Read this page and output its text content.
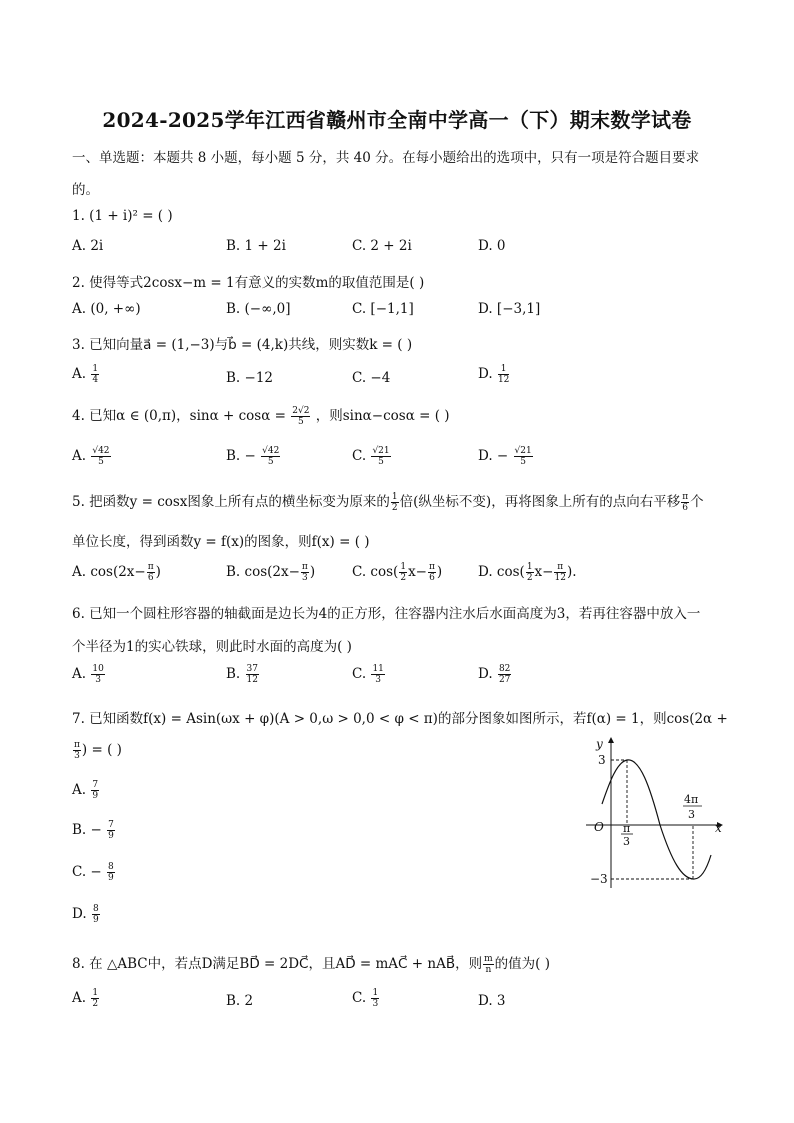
2024-2025学年江西省赣州市全南中学高一（下）期末数学试卷
一、单选题：本题共 8 小题，每小题 5 分，共 40 分。在每小题给出的选项中，只有一项是符合题目要求
的。
1. (1 + i)² = ( )
A. 2i	B. 1 + 2i	C. 2 + 2i	D. 0
2. 使得等式2cosx−m = 1有意义的实数m的取值范围是( )
A. (0, +∞)	B. (−∞,0]	C. [−1,1]	D. [−3,1]
3. 已知向量a⃗ = (1,−3)与b⃗ = (4,k)共线，则实数k = ( )
A. $\frac{1}{4}$	B. −12	C. −4	D. $\frac{1}{12}$
4. 已知α ∈ (0,π)，$\sin\alpha + \cos\alpha = \frac{2√2}{5}$ ，则sinα−cosα = ( )
A. $\frac{√42}{5}$	B. − $\frac{√42}{5}$	C. $\frac{√21}{5}$	D. − $\frac{√21}{5}$
5. 把函数y = cosx图象上所有点的横坐标变为原来的 $\frac{1}{2}$ 倍(纵坐标不变)，再将图象上所有的点向右平移 $\frac{\pi}{6}$ 个
单位长度，得到函数y = f(x)的图象，则f(x) = ( )
A. $\cos(2x- \frac{\pi}{6}$ )	B. $\cos(2x- \frac{\pi}{3}$ )	C. $\cos( \frac{1}{2} x- \frac{\pi}{6}$ )	D. $\cos( \frac{1}{2} x- \frac{\pi}{12}$ ).
6. 已知一个圆柱形容器的轴截面是边长为4的正方形，往容器内注水后水面高度为3，若再往容器中放入一
个半径为1的实心铁球，则此时水面的高度为( )
A. $\frac{10}{3}$	B. $\frac{37}{12}$	C. $\frac{11}{3}$	D. $\frac{82}{27}$
7. 已知函数f(x) = Asin(ωx + φ)(A > 0,ω > 0,0 < φ < π)的部分图象如图所示，若f(α) = 1，则cos(2α +
$\frac{\pi}{3}$ ) = ( )
A. $\frac{7}{9}$
B. − $\frac{7}{9}$
C. − $\frac{8}{9}$
D. $\frac{8}{9}$
y
x
O
3
−3
π
3
4π
3
8. 在 △ABC中，若点D满足BD⃗ = 2DC⃗，且AD⃗ = mAC⃗ + nAB⃗，则 $\frac{m}{n}$ 的值为( )
A. $\frac{1}{2}$	B. 2	C. $\frac{1}{3}$	D. 3
